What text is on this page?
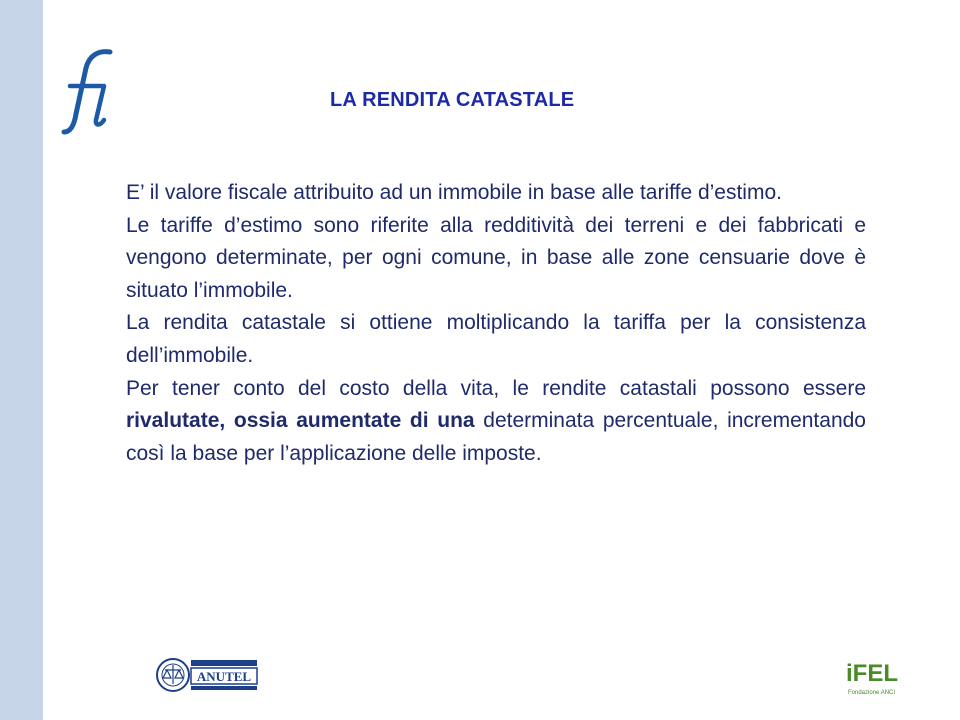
LA RENDITA CATASTALE

E’ il valore fiscale attribuito ad un immobile in base alle tariffe d’estimo.

Le tariffe d’estimo sono riferite alla redditività dei terreni e dei fabbricati e vengono determinate, per ogni comune, in base alle zone censuarie dove è situato l’immobile.

La rendita catastale si ottiene moltiplicando la tariffa per la consistenza dell’immobile.

Per tener conto del costo della vita, le rendite catastali possono essere rivalutate, ossia aumentate di una determinata percentuale, incrementando così la base per l’applicazione delle imposte.

ANUTEL	iFEL
Fondazione ANCI
